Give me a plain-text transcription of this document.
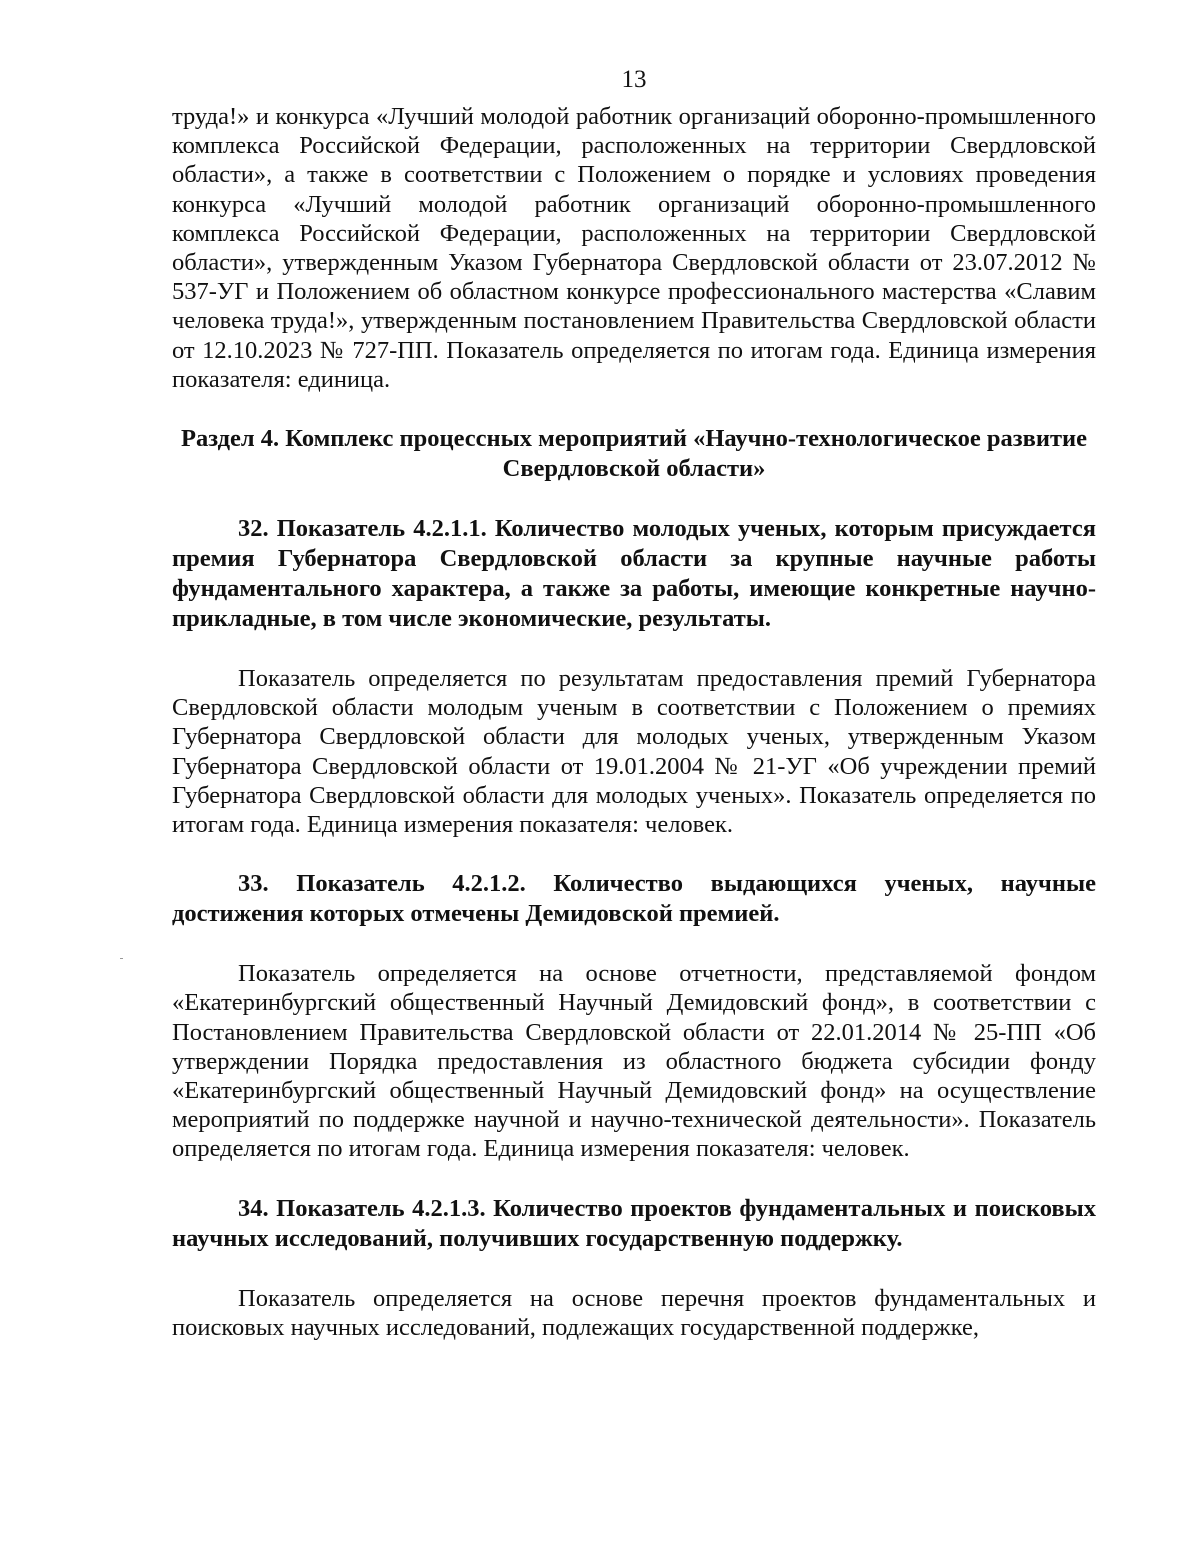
13

труда!» и конкурса «Лучший молодой работник организаций оборонно-промышленного комплекса Российской Федерации, расположенных на территории Свердловской области», а также в соответствии с Положением о порядке и условиях проведения конкурса «Лучший молодой работник организаций оборонно-промышленного комплекса Российской Федерации, расположенных на территории Свердловской области», утвержденным Указом Губернатора Свердловской области от 23.07.2012 № 537-УГ и Положением об областном конкурсе профессионального мастерства «Славим человека труда!», утвержденным постановлением Правительства Свердловской области от 12.10.2023 № 727-ПП. Показатель определяется по итогам года. Единица измерения показателя: единица.

Раздел 4. Комплекс процессных мероприятий «Научно-технологическое развитие Свердловской области»

32. Показатель 4.2.1.1. Количество молодых ученых, которым присуждается премия Губернатора Свердловской области за крупные научные работы фундаментального характера, а также за работы, имеющие конкретные научно-прикладные, в том числе экономические, результаты.

Показатель определяется по результатам предоставления премий Губернатора Свердловской области молодым ученым в соответствии с Положением о премиях Губернатора Свердловской области для молодых ученых, утвержденным Указом Губернатора Свердловской области от 19.01.2004 № 21-УГ «Об учреждении премий Губернатора Свердловской области для молодых ученых». Показатель определяется по итогам года. Единица измерения показателя: человек.

33. Показатель 4.2.1.2. Количество выдающихся ученых, научные достижения которых отмечены Демидовской премией.

Показатель определяется на основе отчетности, представляемой фондом «Екатеринбургский общественный Научный Демидовский фонд», в соответствии с Постановлением Правительства Свердловской области от 22.01.2014 № 25-ПП «Об утверждении Порядка предоставления из областного бюджета субсидии фонду «Екатеринбургский общественный Научный Демидовский фонд» на осуществление мероприятий по поддержке научной и научно-технической деятельности». Показатель определяется по итогам года. Единица измерения показателя: человек.

34. Показатель 4.2.1.3. Количество проектов фундаментальных и поисковых научных исследований, получивших государственную поддержку.

Показатель определяется на основе перечня проектов фундаментальных и поисковых научных исследований, подлежащих государственной поддержке,
